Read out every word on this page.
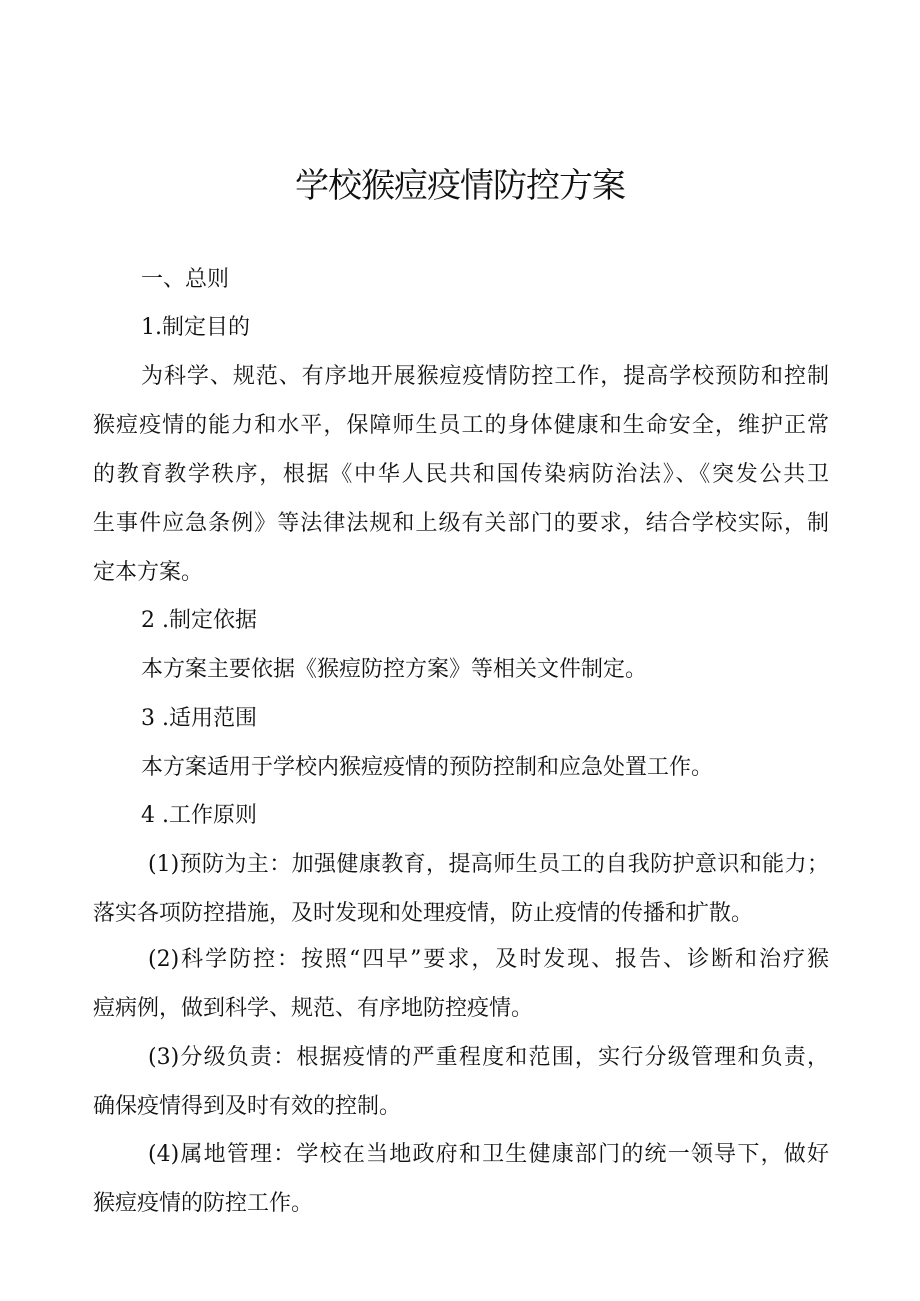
学校猴痘疫情防控方案

一、总则

1.制定目的

为科学、规范、有序地开展猴痘疫情防控工作，提高学校预防和控制

猴痘疫情的能力和水平，保障师生员工的身体健康和生命安全，维护正常

的教育教学秩序，根据《中华人民共和国传染病防治法》、《突发公共卫

生事件应急条例》等法律法规和上级有关部门的要求，结合学校实际，制

定本方案。

2 .制定依据

本方案主要依据《猴痘防控方案》等相关文件制定。

3 .适用范围

本方案适用于学校内猴痘疫情的预防控制和应急处置工作。

4 .工作原则

(1)预防为主：加强健康教育，提高师生员工的自我防护意识和能力；

落实各项防控措施，及时发现和处理疫情，防止疫情的传播和扩散。

(2)科学防控：按照“四早”要求，及时发现、报告、诊断和治疗猴

痘病例，做到科学、规范、有序地防控疫情。

(3)分级负责：根据疫情的严重程度和范围，实行分级管理和负责，

确保疫情得到及时有效的控制。

(4)属地管理：学校在当地政府和卫生健康部门的统一领导下，做好

猴痘疫情的防控工作。
